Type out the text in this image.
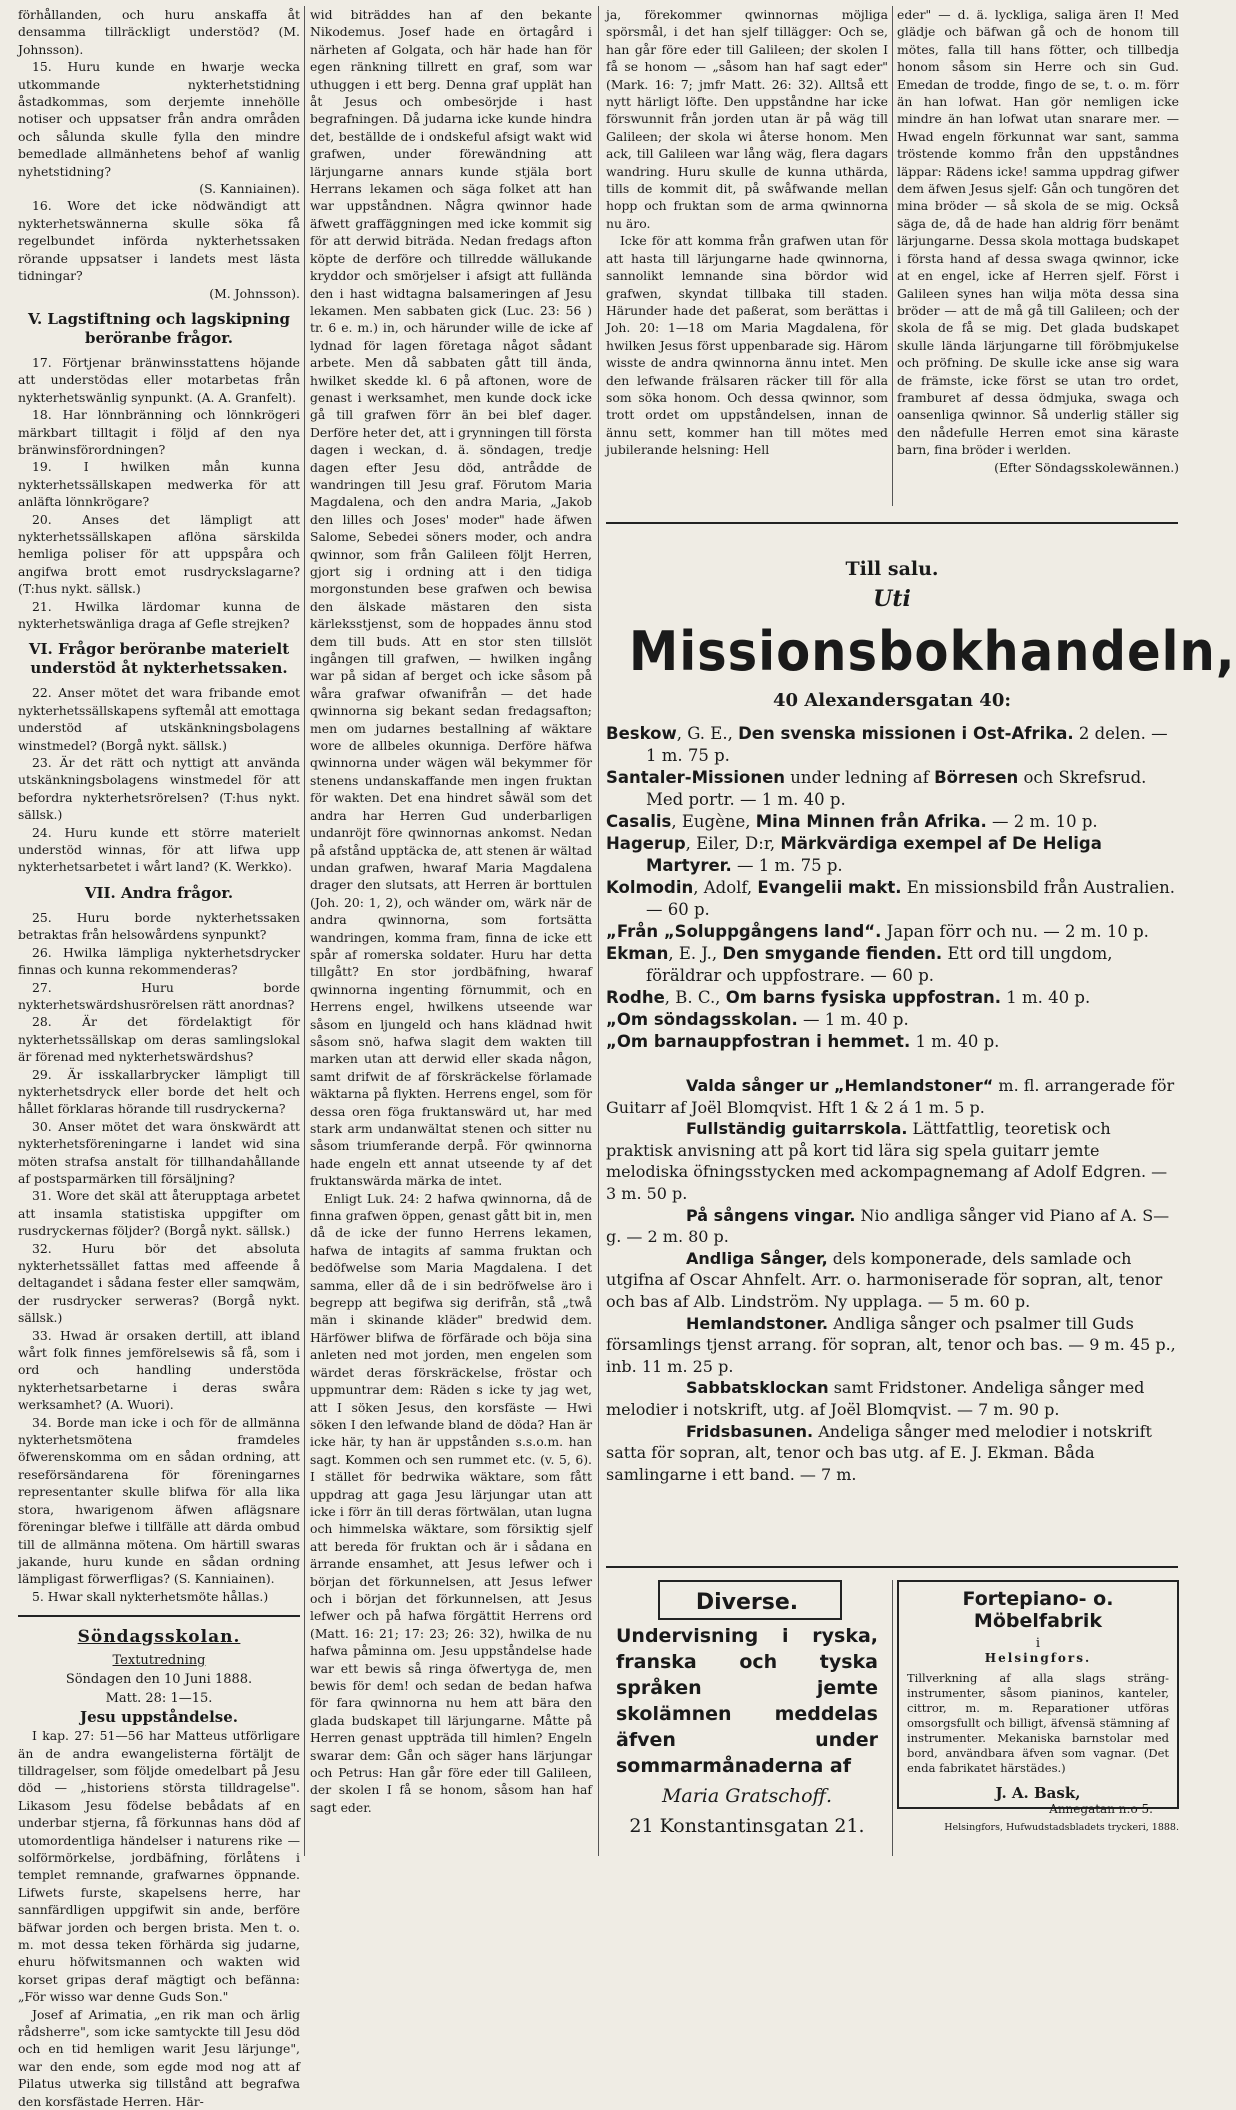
förhållanden, och huru anskaffa åt densamma tillräckligt understöd? (M. Johnsson).

15. Huru kunde en hwarje wecka utkommande nykterhetstidning åstadkommas, som derjemte innehölle notiser och uppsatser från andra områden och sålunda skulle fylla den mindre bemedlade allmänhetens behof af wanlig nyhetstidning?

(S. Kanniainen).

16. Wore det icke nödwändigt att nykterhetswännerna skulle söka få regelbundet införda nykterhetssaken rörande uppsatser i landets mest lästa tidningar?

(M. Johnsson).

V. Lagstiftning och lagskipning beröranbe frågor.

17. Förtjenar bränwinsstattens höjande att understödas eller motarbetas från nykterhetswänlig synpunkt. (A. A. Granfelt).

18. Har lönnbränning och lönnkrögeri märkbart tilltagit i följd af den nya bränwinsförordningen?

19. I hwilken mån kunna nykterhetssällskapen medwerka för att anläfta lönnkrögare?

20. Anses det lämpligt att nykterhetssällskapen aflöna särskilda hemliga poliser för att uppspåra och angifwa brott emot rusdryckslagarne? (T:hus nykt. sällsk.)

21. Hwilka lärdomar kunna de nykterhetswänliga draga af Gefle strejken?

VI. Frågor beröranbe materielt understöd åt nykterhetssaken.

22. Anser mötet det wara fribande emot nykterhetssällskapens syftemål att emottaga understöd af utskänkningsbolagens winstmedel? (Borgå nykt. sällsk.)

23. Är det rätt och nyttigt att använda utskänkningsbolagens winstmedel för att befordra nykterhetsrörelsen? (T:hus nykt. sällsk.)

24. Huru kunde ett större materielt understöd winnas, för att lifwa upp nykterhetsarbetet i wårt land? (K. Werkko).

VII. Andra frågor.

25. Huru borde nykterhetssaken betraktas från helsowårdens synpunkt?

26. Hwilka lämpliga nykterhetsdrycker finnas och kunna rekommenderas?

27. Huru borde nykterhetswärdshusrörelsen rätt anordnas?

28. Är det fördelaktigt för nykterhetssällskap om deras samlingslokal är förenad med nykterhetswärdshus?

29. Är isskallarbrycker lämpligt till nykterhetsdryck eller borde det helt och hållet förklaras hörande till rusdryckerna?

30. Anser mötet det wara önskwärdt att nykterhetsföreningarne i landet wid sina möten strafsa anstalt för tillhandahållande af postsparmärken till försäljning?

31. Wore det skäl att återupptaga arbetet att insamla statistiska uppgifter om rusdryckernas följder? (Borgå nykt. sällsk.)

32. Huru bör det absoluta nykterhetssället fattas med affeende å deltagandet i sådana fester eller samqwäm, der rusdrycker serweras? (Borgå nykt. sällsk.)

33. Hwad är orsaken dertill, att ibland wårt folk finnes jemförelsewis så få, som i ord och handling understöda nykterhetsarbetarne i deras swåra werksamhet? (A. Wuori).

34. Borde man icke i och för de allmänna nykterhetsmötena framdeles öfwerenskomma om en sådan ordning, att reseförsändarena för föreningarnes representanter skulle blifwa för alla lika stora, hwarigenom äfwen aflägsnare föreningar blefwe i tillfälle att därda ombud till de allmänna mötena. Om härtill swaras jakande, huru kunde en sådan ordning lämpligast förwerfligas? (S. Kanniainen).

5. Hwar skall nykterhetsmöte hållas.)

Söndagsskolan.

Textutredning

Söndagen den 10 Juni 1888.

Matt. 28: 1—15.

Jesu uppståndelse.

I kap. 27: 51—56 har Matteus utförligare än de andra ewangelisterna förtäljt de tilldragelser, som följde omedelbart på Jesu död — „historiens största tilldragelse". Likasom Jesu födelse bebådats af en underbar stjerna, få förkunnas hans död af utomordentliga händelser i naturens rike — solförmörkelse, jordbäfning, förlåtens i templet remnande, grafwarnes öppnande. Lifwets furste, skapelsens herre, har sannfärdligen uppgifwit sin ande, berföre bäfwar jorden och bergen brista. Men t. o. m. mot dessa teken förhärda sig judarne, ehuru höfwitsmannen och wakten wid korset gripas deraf mägtigt och befänna: „För wisso war denne Guds Son."

Josef af Arimatia, „en rik man och ärlig rådsherre", som icke samtyckte till Jesu död och en tid hemligen warit Jesu lärjunge", war den ende, som egde mod nog att af Pilatus utwerka sig tillstånd att begrafwa den korsfästade Herren. Här-

wid biträddes han af den bekante Nikodemus. Josef hade en örtagård i närheten af Golgata, och här hade han för egen ränkning tillrett en graf, som war uthuggen i ett berg. Denna graf upplät han åt Jesus och ombesörjde i hast begrafningen. Då judarna icke kunde hindra det, beställde de i ondskeful afsigt wakt wid grafwen, under förewändning att lärjungarne annars kunde stjäla bort Herrans lekamen och säga folket att han war uppståndnen. Några qwinnor hade äfwett graffäggningen med icke kommit sig för att derwid biträda. Nedan fredags afton köpte de derföre och tillredde wällukande kryddor och smörjelser i afsigt att fullända den i hast widtagna balsameringen af Jesu lekamen. Men sabbaten gick (Luc. 23: 56 ) tr. 6 e. m.) in, och härunder wille de icke af lydnad för lagen företaga något sådant arbete. Men då sabbaten gått till ända, hwilket skedde kl. 6 på aftonen, wore de genast i werksamhet, men kunde dock icke gå till grafwen förr än bei blef dager. Derföre heter det, att i grynningen till första dagen i weckan, d. ä. söndagen, tredje dagen efter Jesu död, antrådde de wandringen till Jesu graf. Förutom Maria Magdalena, och den andra Maria, „Jakob den lilles och Joses' moder" hade äfwen Salome, Sebedei söners moder, och andra qwinnor, som från Galileen följt Herren, gjort sig i ordning att i den tidiga morgonstunden bese grafwen och bewisa den älskade mästaren den sista kärleksstjenst, som de hoppades ännu stod dem till buds. Att en stor sten tillslöt ingången till grafwen, — hwilken ingång war på sidan af berget och icke såsom på wåra grafwar ofwanifrån — det hade qwinnorna sig bekant sedan fredagsafton; men om judarnes bestallning af wäktare wore de allbeles okunniga. Derföre häfwa qwinnorna under wägen wäl bekymmer för stenens undanskaffande men ingen fruktan för wakten. Det ena hindret såwäl som det andra har Herren Gud underbarligen undanröjt före qwinnornas ankomst. Nedan på afstånd upptäcka de, att stenen är wältad undan grafwen, hwaraf Maria Magdalena drager den slutsats, att Herren är borttulen (Joh. 20: 1, 2), och wänder om, wärk när de andra qwinnorna, som fortsätta wandringen, komma fram, finna de icke ett spår af romerska soldater. Huru har detta tillgått? En stor jordbäfning, hwaraf qwinnorna ingenting förnummit, och en Herrens engel, hwilkens utseende war såsom en ljungeld och hans klädnad hwit såsom snö, hafwa slagit dem wakten till marken utan att derwid eller skada någon, samt drifwit de af förskräckelse förlamade wäktarna på flykten. Herrens engel, som för dessa oren föga fruktanswärd ut, har med stark arm undanwältat stenen och sitter nu såsom triumferande derpå. För qwinnorna hade engeln ett annat utseende ty af det fruktanswärda märka de intet.

Enligt Luk. 24: 2 hafwa qwinnorna, då de finna grafwen öppen, genast gått bit in, men då de icke der funno Herrens lekamen, hafwa de intagits af samma fruktan och bedöfwelse som Maria Magdalena. I det samma, eller då de i sin bedröfwelse äro i begrepp att begifwa sig derifrån, stå „twå män i skinande kläder" bredwid dem. Härföwer blifwa de förfärade och böja sina anleten ned mot jorden, men engelen som wärdet deras förskräckelse, fröstar och uppmuntrar dem: Räden s icke ty jag wet, att I söken Jesus, den korsfäste — Hwi söken I den lefwande bland de döda? Han är icke här, ty han är uppstånden s.s.o.m. han sagt. Kommen och sen rummet etc. (v. 5, 6). I stället för bedrwika wäktare, som fått uppdrag att gaga Jesu lärjungar utan att icke i förr än till deras förtwälan, utan lugna och himmelska wäktare, som försiktig sjelf att bereda för fruktan och är i sådana en ärrande ensamhet, att Jesus lefwer och i början det förkunnelsen, att Jesus lefwer och i början det förkunnelsen, att Jesus lefwer och på hafwa förgättit Herrens ord (Matt. 16: 21; 17: 23; 26: 32), hwilka de nu hafwa påminna om. Jesu uppståndelse hade war ett bewis så ringa öfwertyga de, men bewis för dem! och sedan de bedan hafwa för fara qwinnorna nu hem att bära den glada budskapet till lärjungarne. Måtte på Herren genast uppträda till himlen? Engeln swarar dem: Gån och säger hans lärjungar och Petrus: Han går före eder till Galileen, der skolen I få se honom, såsom han haf sagt eder.

ja, förekommer qwinnornas möjliga spörsmål, i det han sjelf tillägger: Och se, han går före eder till Galileen; der skolen I få se honom — „såsom han haf sagt eder" (Mark. 16: 7; jmfr Matt. 26: 32). Alltså ett nytt härligt löfte. Den uppståndne har icke förswunnit från jorden utan är på wäg till Galileen; der skola wi återse honom. Men ack, till Galileen war lång wäg, flera dagars wandring. Huru skulle de kunna uthärda, tills de kommit dit, på swåfwande mellan hopp och fruktan som de arma qwinnorna nu äro.

Icke för att komma från grafwen utan för att hasta till lärjungarne hade qwinnorna, sannolikt lemnande sina bördor wid grafwen, skyndat tillbaka till staden. Härunder hade det paßerat, som berättas i Joh. 20: 1—18 om Maria Magdalena, för hwilken Jesus först uppenbarade sig. Härom wisste de andra qwinnorna ännu intet. Men den lefwande frälsaren räcker till för alla som söka honom. Och dessa qwinnor, som trott ordet om uppståndelsen, innan de ännu sett, kommer han till mötes med jubilerande helsning: Hell

eder" — d. ä. lyckliga, saliga ären I! Med glädje och bäfwan gå och de honom till mötes, falla till hans fötter, och tillbedja honom såsom sin Herre och sin Gud. Emedan de trodde, fingo de se, t. o. m. förr än han lofwat. Han gör nemligen icke mindre än han lofwat utan snarare mer. — Hwad engeln förkunnat war sant, samma tröstende kommo från den uppståndnes läppar: Rädens icke! samma uppdrag gifwer dem äfwen Jesus sjelf: Gån och tungören det mina bröder — så skola de se mig. Också säga de, då de hade han aldrig förr benämt lärjungarne. Dessa skola mottaga budskapet i första hand af dessa swaga qwinnor, icke at en engel, icke af Herren sjelf. Först i Galileen synes han wilja möta dessa sina bröder — att de må gå till Galileen; och der skola de få se mig. Det glada budskapet skulle lända lärjungarne till föröbmjukelse och pröfning. De skulle icke anse sig wara de främste, icke först se utan tro ordet, framburet af dessa ödmjuka, swaga och oansenliga qwinnor. Så underlig ställer sig den nådefulle Herren emot sina käraste barn, fina bröder i werlden.

(Efter Söndagsskolewännen.)

Till salu.

Uti

Missionsbokhandeln,

40 Alexandersgatan 40:

Beskow, G. E., Den svenska missionen i Ost-Afrika. 2 delen. — 1 m. 75 p.

Santaler-Missionen under ledning af Börresen och Skrefsrud. Med portr. — 1 m. 40 p.

Casalis, Eugène, Mina Minnen från Afrika. — 2 m. 10 p.

Hagerup, Eiler, D:r, Märkvärdiga exempel af De Heliga Martyrer. — 1 m. 75 p.

Kolmodin, Adolf, Evangelii makt. En missionsbild från Australien. — 60 p.

„Från „Soluppgångens land“. Japan förr och nu. — 2 m. 10 p.

Ekman, E. J., Den smygande fienden. Ett ord till ungdom, föräldrar och uppfostrare. — 60 p.

Rodhe, B. C., Om barns fysiska uppfostran. 1 m. 40 p.

„Om söndagsskolan. — 1 m. 40 p.

„Om barnauppfostran i hemmet. 1 m. 40 p.

Valda sånger ur „Hemlandstoner“ m. fl. arrangerade för Guitarr af Joël Blomqvist. Hft 1 & 2 á 1 m. 5 p.

Fullständig guitarrskola. Lättfattlig, teoretisk och praktisk anvisning att på kort tid lära sig spela guitarr jemte melodiska öfningsstycken med ackompagnemang af Adolf Edgren. — 3 m. 50 p.

På sångens vingar. Nio andliga sånger vid Piano af A. S—g. — 2 m. 80 p.

Andliga Sånger, dels komponerade, dels samlade och utgifna af Oscar Ahnfelt. Arr. o. harmoniserade för sopran, alt, tenor och bas af Alb. Lindström. Ny upplaga. — 5 m. 60 p.

Hemlandstoner. Andliga sånger och psalmer till Guds församlings tjenst arrang. för sopran, alt, tenor och bas. — 9 m. 45 p., inb. 11 m. 25 p.

Sabbatsklockan samt Fridstoner. Andeliga sånger med melodier i notskrift, utg. af Joël Blomqvist. — 7 m. 90 p.

Fridsbasunen. Andeliga sånger med melodier i notskrift satta för sopran, alt, tenor och bas utg. af E. J. Ekman. Båda samlingarne i ett band. — 7 m.

Diverse.

Undervisning i ryska, franska och tyska språken jemte skolämnen meddelas äfven under sommarmånaderna af

Maria Gratschoff.

21 Konstantinsgatan 21.

Fortepiano- o. Möbelfabrik

i

Helsingfors.

Tillverkning af alla slags sträng-instrumenter, såsom pianinos, kanteler, cittror, m. m. Reparationer utföras omsorgsfullt och billigt, äfvensä stämning af instrumenter. Mekaniska barnstolar med bord, användbara äfven som vagnar. (Det enda fabrikatet härstädes.)

J. A. Bask,

Annegatan n:o 5.

Helsingfors, Hufwudstadsbladets tryckeri, 1888.
